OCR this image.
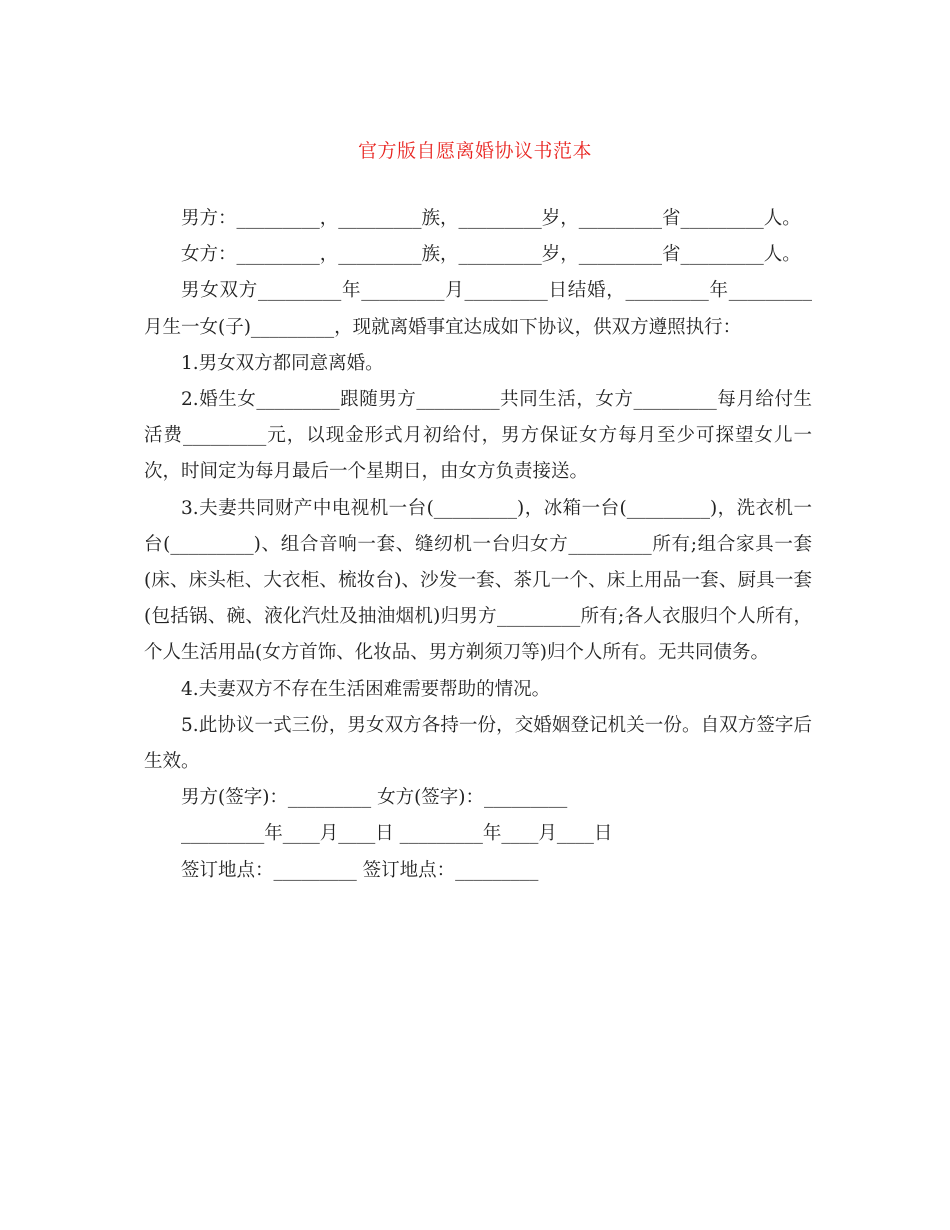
官方版自愿离婚协议书范本

男方：_________，_________族，_________岁，_________省_________人。

女方：_________，_________族，_________岁，_________省_________人。

男女双方_________年_________月_________日结婚，_________年_________月生一女(子)_________，现就离婚事宜达成如下协议，供双方遵照执行：

1.男女双方都同意离婚。

2.婚生女_________跟随男方_________共同生活，女方_________每月给付生活费_________元，以现金形式月初给付，男方保证女方每月至少可探望女儿一次，时间定为每月最后一个星期日，由女方负责接送。

3.夫妻共同财产中电视机一台(_________)，冰箱一台(_________)，洗衣机一台(_________)、组合音响一套、缝纫机一台归女方_________所有;组合家具一套(床、床头柜、大衣柜、梳妆台)、沙发一套、茶几一个、床上用品一套、厨具一套(包括锅、碗、液化汽灶及抽油烟机)归男方_________所有;各人衣服归个人所有，个人生活用品(女方首饰、化妆品、男方剃须刀等)归个人所有。无共同债务。

4.夫妻双方不存在生活困难需要帮助的情况。

5.此协议一式三份，男女双方各持一份，交婚姻登记机关一份。自双方签字后生效。

男方(签字)：_________ 女方(签字)：_________

_________年____月____日 _________年____月____日

签订地点：_________ 签订地点：_________
